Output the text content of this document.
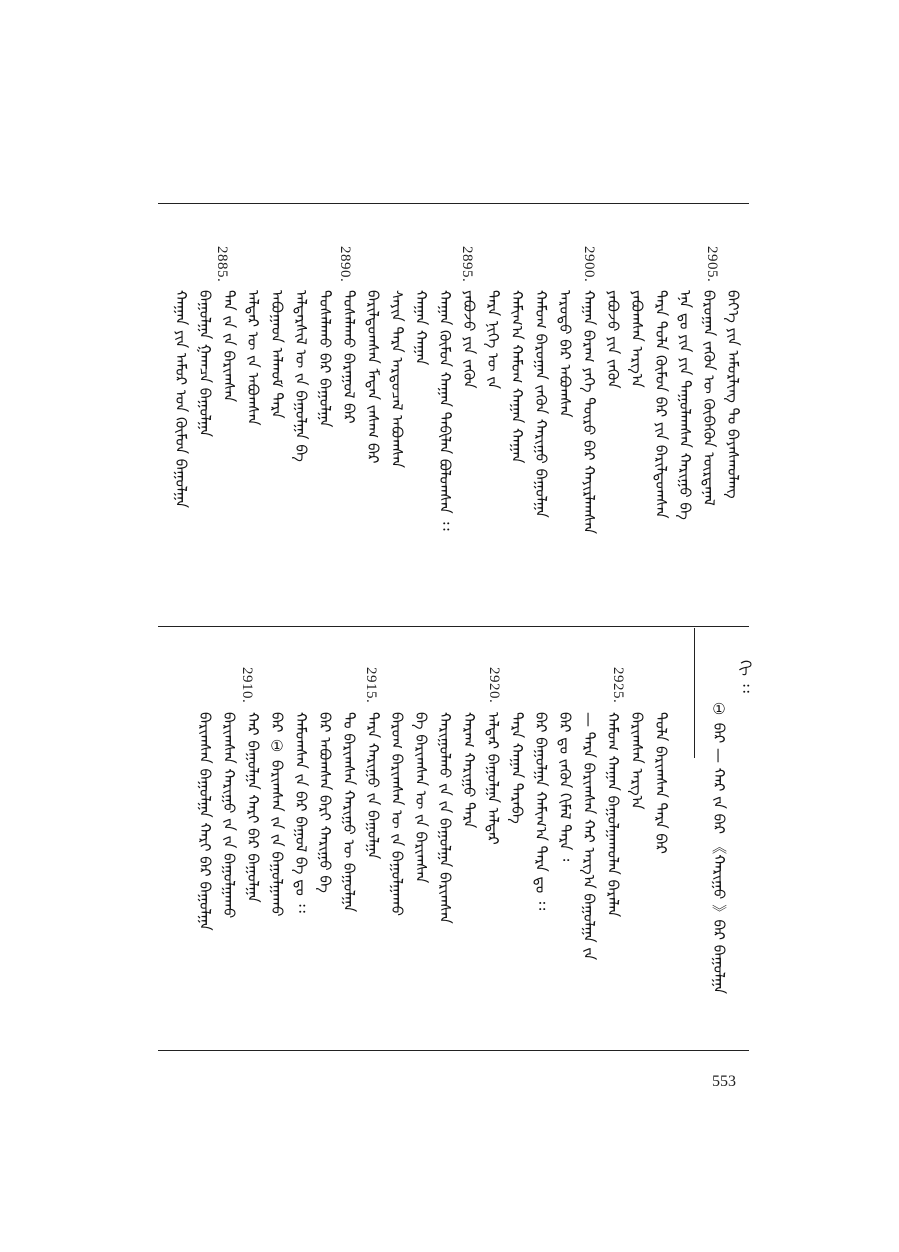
2905.
2900.
2895.
2890.
2885.
ᠪᠡᠶ᠎ᠡ ᠶᠢᠨ ᠠᠮᠤᠷᠯᠢᠩ ᠲᠤ ᠪᠠᠶᠠᠰᠬᠤᠯᠠᠩ
ᠪᠠᠷᠤᠭᠠᠨ ᠵᠡᠭᠦᠨ ᠦ ᠬᠥᠪᠡᠭᠦᠨ ᠦᠷᠳᠡᠨᠡᠯ
ᠡᠨᠡ ᠳᠤ ᠶᠢᠨ ᠶᠢᠨ ᠳᠠᠭᠤᠯᠠᠭᠰᠠᠨ ᠬᠠᠷᠢᠭᠤ ᠪᠠ
ᠲᠡᠷᠡ ᠲᠤᠯᠠ ᠬᠦᠮᠦᠨ ᠪᠡᠷ ᠶᠢᠨ ᠪᠠᠷᠢᠯᠳᠤᠭᠰᠠᠨ
ᠶᠠᠪᠤᠭᠰᠠᠨ ᠠᠷᠭ᠎ᠠ
ᠶᠠᠪᠤᠵᠤ ᠶᠢᠨ ᠵᠡᠭᠦᠨ
ᠬᠠᠭᠠᠨ ᠪᠠᠷᠠᠭ ᠶᠡᠬᠡ ᠲᠥᠷᠦ ᠪᠠᠷ ᠬᠠᠶᠢᠷᠯᠠᠭᠰᠠᠨ
ᠠᠷᠤᠳᠤ ᠪᠠᠷ ᠠᠪᠤᠭᠰᠠᠨ
ᠬᠠᠮᠤᠭ ᠪᠠᠷᠤᠭᠠᠨ ᠵᠡᠭᠦᠨ ᠬᠠᠷᠢᠭᠤ ᠪᠠᠭᠤᠯᠭᠠ
ᠬᠠᠮᠢᠭ᠎ᠠ ᠬᠠᠮᠤᠭ ᠬᠠᠭᠠᠨ ᠬᠠᠭᠠᠨ
ᠲᠡᠷᠡ ᠨᠢᠭᠡ ᠦ ᠵᠠ
ᠶᠠᠪᠤᠵᠤ ᠶᠢᠨ ᠵᠡᠭᠦᠨ
ᠬᠠᠭᠠᠨ ᠬᠦᠮᠦᠨ ᠬᠠᠭᠠᠨ ᠲᠠᠪᠢᠯᠠᠨ ᠪᠤᠯᠤᠭᠰᠠᠨ ᠄᠄
ᠬᠠᠭᠠᠨ ᠬᠠᠭᠠᠨ
ᠰᠠᠶᠢᠨ ᠲᠡᠷᠡ ᠠᠷᠳᠤᠴᠠᠯ ᠠᠪᠤᠭᠰᠠᠨ
ᠪᠠᠷᠢᠯᠳᠤᠭᠰᠠᠨ ᠮᠡᠳᠡᠨ ᠵᠠᠰᠠᠭ ᠪᠠᠷ
ᠲᠤᠰᠠᠯᠠᠬᠤ ᠪᠠᠷᠠᠭᠤᠯ ᠪᠠᠷ
ᠲᠤᠰᠠᠯᠠᠬᠤ ᠪᠡᠷ ᠪᠠᠭᠤᠯᠭᠠ
ᠠᠯᠳᠠᠷᠰᠢᠯ ᠦ ᠵᠠ ᠪᠠᠭᠤᠯᠭᠠ ᠪᠠ
ᠠᠪᠤᠭᠠᠳ ᠠᠯᠬᠤᠮ ᠲᠡᠷᠡ
ᠠᠯᠳᠠᠷ ᠦ ᠵᠠ ᠠᠪᠤᠭᠰᠠᠨ
ᠲᠡᠨ ᠵᠠ ᠵᠠ ᠪᠠᠷᠢᠭᠰᠠᠨ
ᠪᠠᠭᠤᠯᠭᠠ ᠭᠠᠭᠴᠠ ᠪᠠᠭᠤᠯᠭᠠ
ᠬᠠᠭᠠᠨ ᠶᠢᠨ ᠠᠮᠤᠷ ᠤᠨ ᠬᠦᠮᠦᠨ ᠪᠠᠭᠤᠯᠭᠠ
2925.
2920.
2915.
2910.
① ᠪᠠᠷ — ᠬᠠᠷ ᠵᠡ ᠪᠠᠷ 《ᠬᠠᠷᠢᠭᠤ 》ᠪᠠᠷ ᠪᠠᠭᠤᠯᠭᠠ
ᠬᠢ ᠄᠄
ᠲᠤᠯᠠ ᠪᠠᠷᠢᠭᠰᠠᠨ ᠲᠡᠷᠡ ᠪᠡᠷ
ᠪᠠᠷᠢᠭᠰᠠᠨ ᠠᠷᠭ᠎ᠠ
ᠬᠠᠮᠤᠭ ᠬᠠᠭᠠᠨ ᠪᠠᠭᠤᠯᠭᠠᠬᠤᠯᠠᠨ ᠪᠠᠷᠠᠯᠠᠨ
— ᠲᠡᠷᠡ ᠪᠠᠷᠢᠭᠰᠠᠨ ᠬᠠᠷ ᠠᠷᠭ᠎ᠠ ᠪᠠᠭᠤᠯᠭᠠ ᠵᠠ
ᠪᠠᠷ ᠳᠤ ᠵᠡᠭᠦᠨ ᠬᠢᠮᠠᠯ ᠲᠡᠷᠡ ᠄
ᠪᠠᠷ ᠪᠠᠭᠤᠯᠭᠠ ᠬᠠᠮᠢᠭ᠎ᠠ ᠲᠡᠷᠡ ᠳᠤ ᠄᠄
ᠲᠡᠷᠡ ᠬᠠᠭᠠᠨ ᠲᠡᠷᠡᠪᠡ
ᠠᠯᠳᠠᠷ ᠪᠠᠭᠤᠯᠭᠠ ᠠᠯᠳᠠᠷ
ᠬᠠᠷᠠᠭ ᠬᠠᠷᠢᠭᠤ ᠲᠡᠷᠡ
ᠬᠠᠷᠢᠭᠤᠯᠬᠤ ᠵᠠ ᠵᠠ ᠪᠠᠭᠤᠯᠭᠠ ᠪᠠᠷᠢᠭᠰᠠᠨ
ᠪᠠ ᠪᠠᠷᠢᠭᠰᠠᠨ ᠦ ᠵᠠ ᠪᠠᠷᠢᠭᠰᠠᠨ
ᠪᠠᠷᠤᠭ ᠪᠠᠷᠢᠭᠰᠠᠨ ᠦ ᠵᠠ ᠪᠠᠭᠤᠯᠭᠠᠬᠤ
ᠲᠡᠷᠡ ᠬᠠᠷᠢᠭᠤ ᠵᠠ ᠪᠠᠭᠤᠯᠭᠠ
ᠲᠤ ᠪᠠᠷᠢᠭᠰᠠᠨ ᠬᠠᠷᠢᠭᠤ ᠦ ᠪᠠᠭᠤᠯᠭᠠ
ᠪᠠᠷ ᠠᠪᠤᠭᠰᠠᠨ ᠪᠠᠷᠢ ᠬᠠᠷᠢᠭᠤ ᠪᠠ
ᠬᠠᠮᠤᠭᠰᠠᠨ ᠵᠠ ᠪᠠᠷ ᠪᠠᠭᠤᠯ ᠪᠠ ᠳᠤ ᠄᠄
ᠪᠠᠷ ① ᠪᠠᠷᠢᠭᠰᠠᠨ ᠵᠠ ᠵᠠ ᠪᠠᠭᠤᠯᠭᠠᠬᠤ
ᠬᠠᠷ ᠪᠠᠭᠤᠯᠭᠠ ᠬᠠᠷᠢ ᠪᠠᠷ ᠪᠠᠭᠤᠯᠭᠠ
ᠪᠠᠷᠢᠭᠰᠠᠨ ᠬᠠᠷᠢᠭᠤ ᠵᠠ ᠵᠠ ᠪᠠᠭᠤᠯᠭᠠᠬᠤ
ᠪᠠᠷᠢᠭᠰᠠᠨ ᠪᠠᠭᠤᠯᠭᠠ ᠬᠠᠷᠢ ᠪᠠᠷ ᠪᠠᠭᠤᠯᠭᠠ
553
